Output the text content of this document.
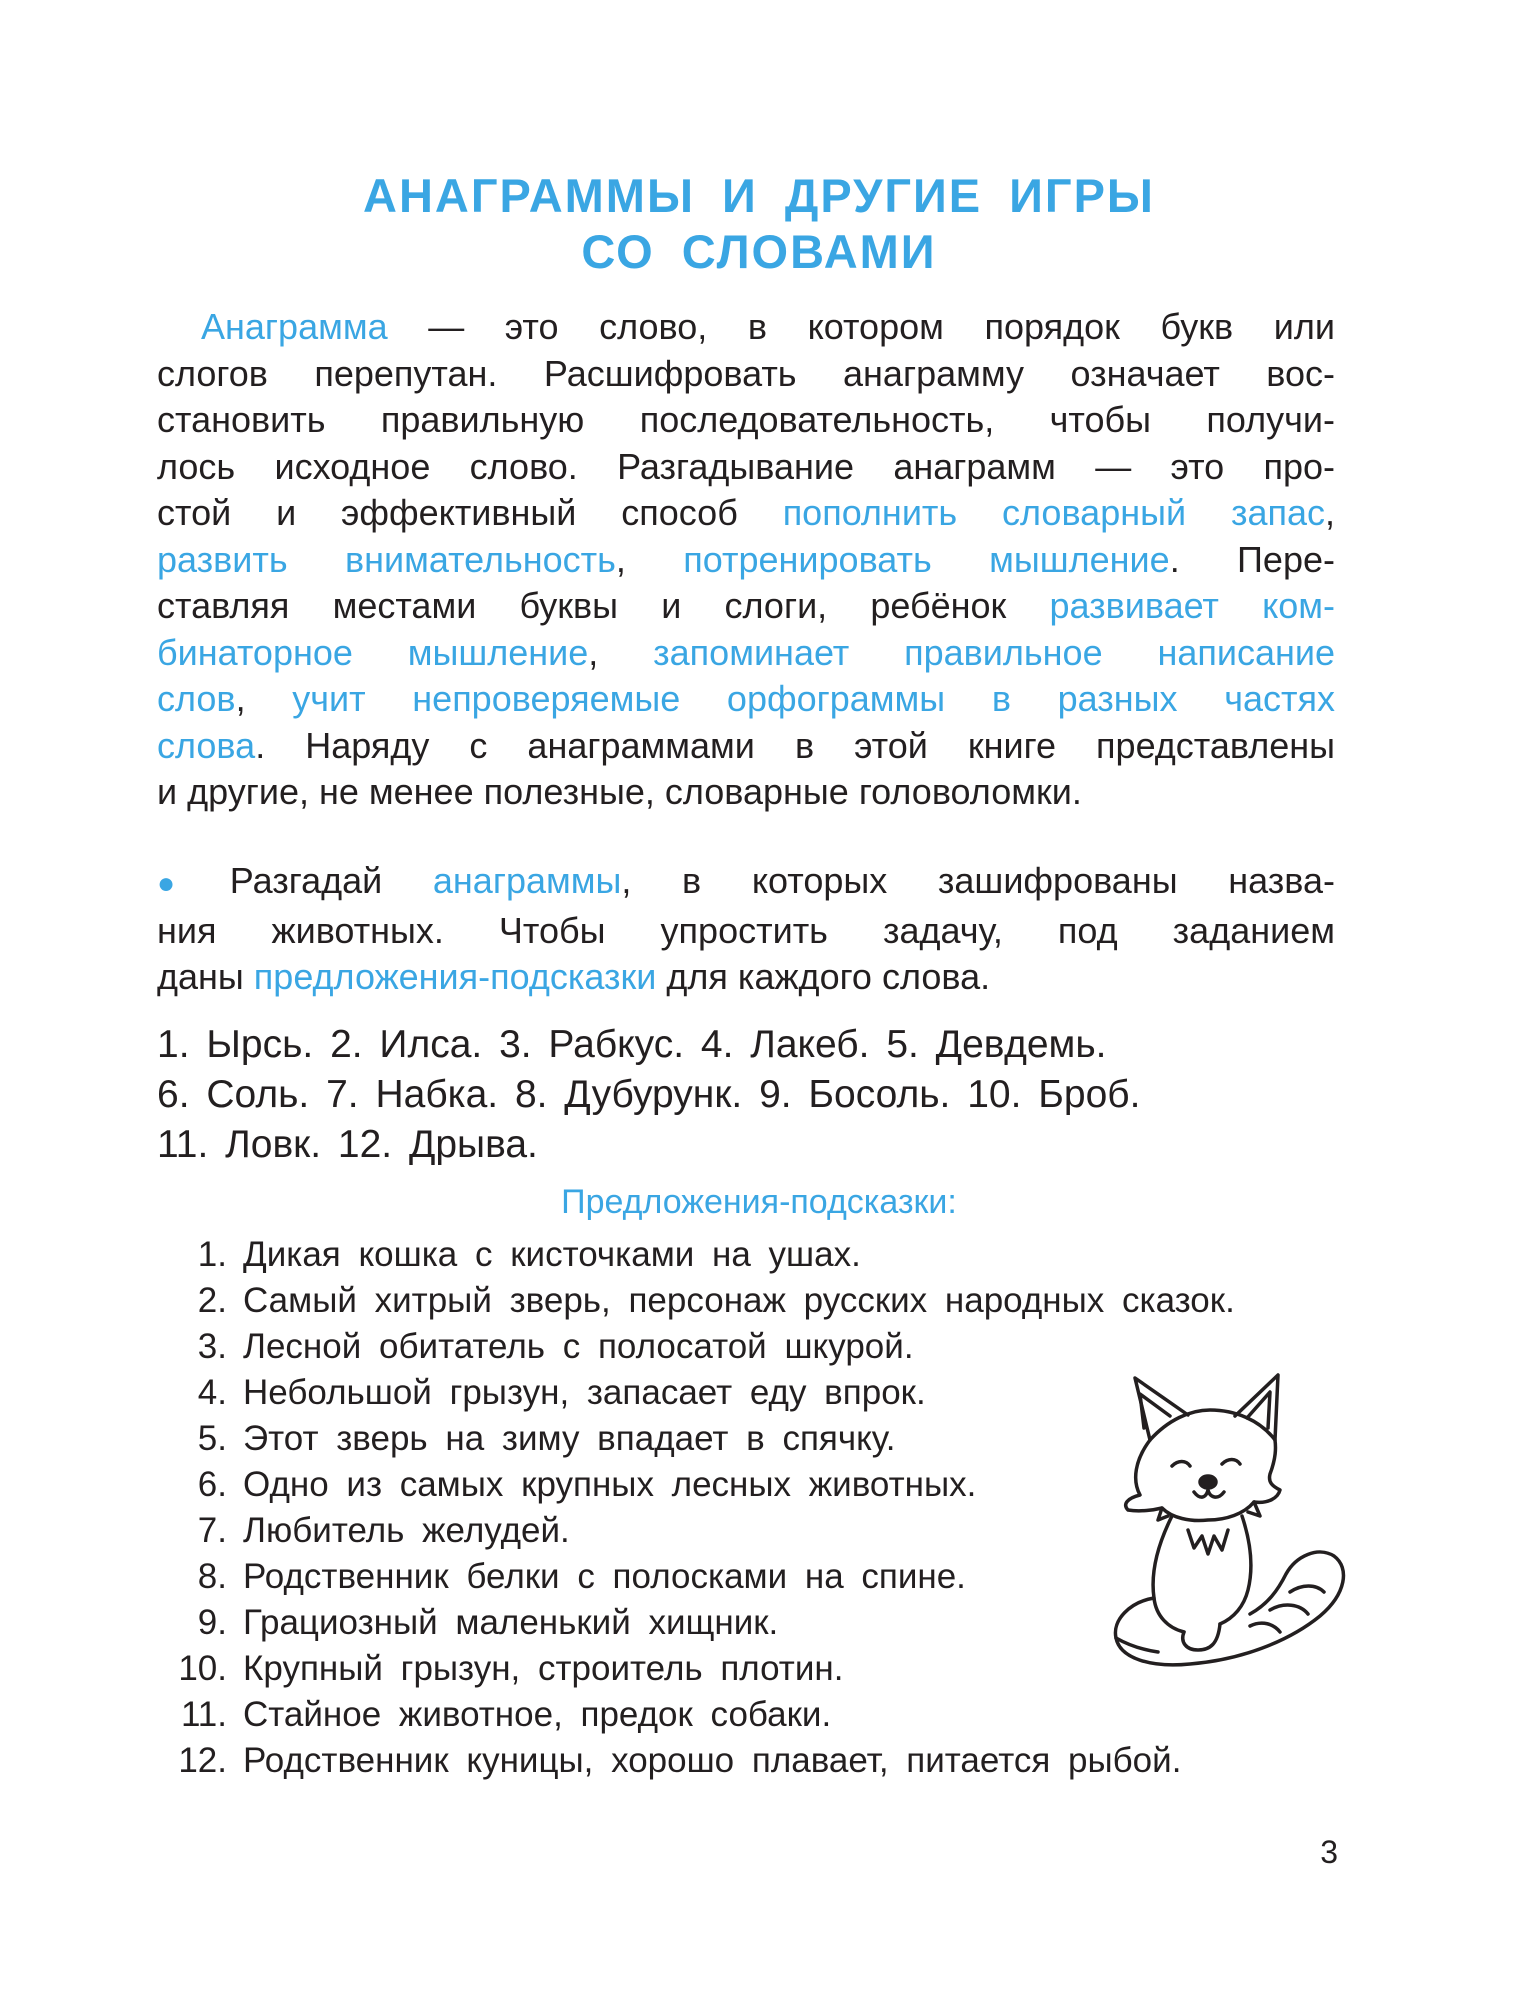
АНАГРАММЫ И ДРУГИЕ ИГРЫ
СО СЛОВАМИ
Анаграмма — это слово, в котором порядок букв или
слогов перепутан. Расшифровать анаграмму означает вос-
становить правильную последовательность, чтобы получи-
лось исходное слово. Разгадывание анаграмм — это про-
стой и эффективный способ пополнить словарный запас,
развить внимательность, потренировать мышление. Пере-
ставляя местами буквы и слоги, ребёнок развивает ком-
бинаторное мышление, запоминает правильное написание
слов, учит непроверяемые орфограммы в разных частях
слова. Наряду с анаграммами в этой книге представлены
и другие, не менее полезные, словарные головоломки.
● Разгадай анаграммы, в которых зашифрованы назва-
ния животных. Чтобы упростить задачу, под заданием
даны предложения-подсказки для каждого слова.
1. Ырсь. 2. Илса. 3. Рабкус. 4. Лакеб. 5. Девдемь.
6. Соль. 7. Набка. 8. Дубурунк. 9. Босоль. 10. Броб.
11. Ловк. 12. Дрыва.
Предложения-подсказки:
1. Дикая кошка с кисточками на ушах.
2. Самый хитрый зверь, персонаж русских народных сказок.
3. Лесной обитатель с полосатой шкурой.
4. Небольшой грызун, запасает еду впрок.
5. Этот зверь на зиму впадает в спячку.
6. Одно из самых крупных лесных животных.
7. Любитель желудей.
8. Родственник белки с полосками на спине.
9. Грациозный маленький хищник.
10. Крупный грызун, строитель плотин.
11. Стайное животное, предок собаки.
12. Родственник куницы, хорошо плавает, питается рыбой.
3
